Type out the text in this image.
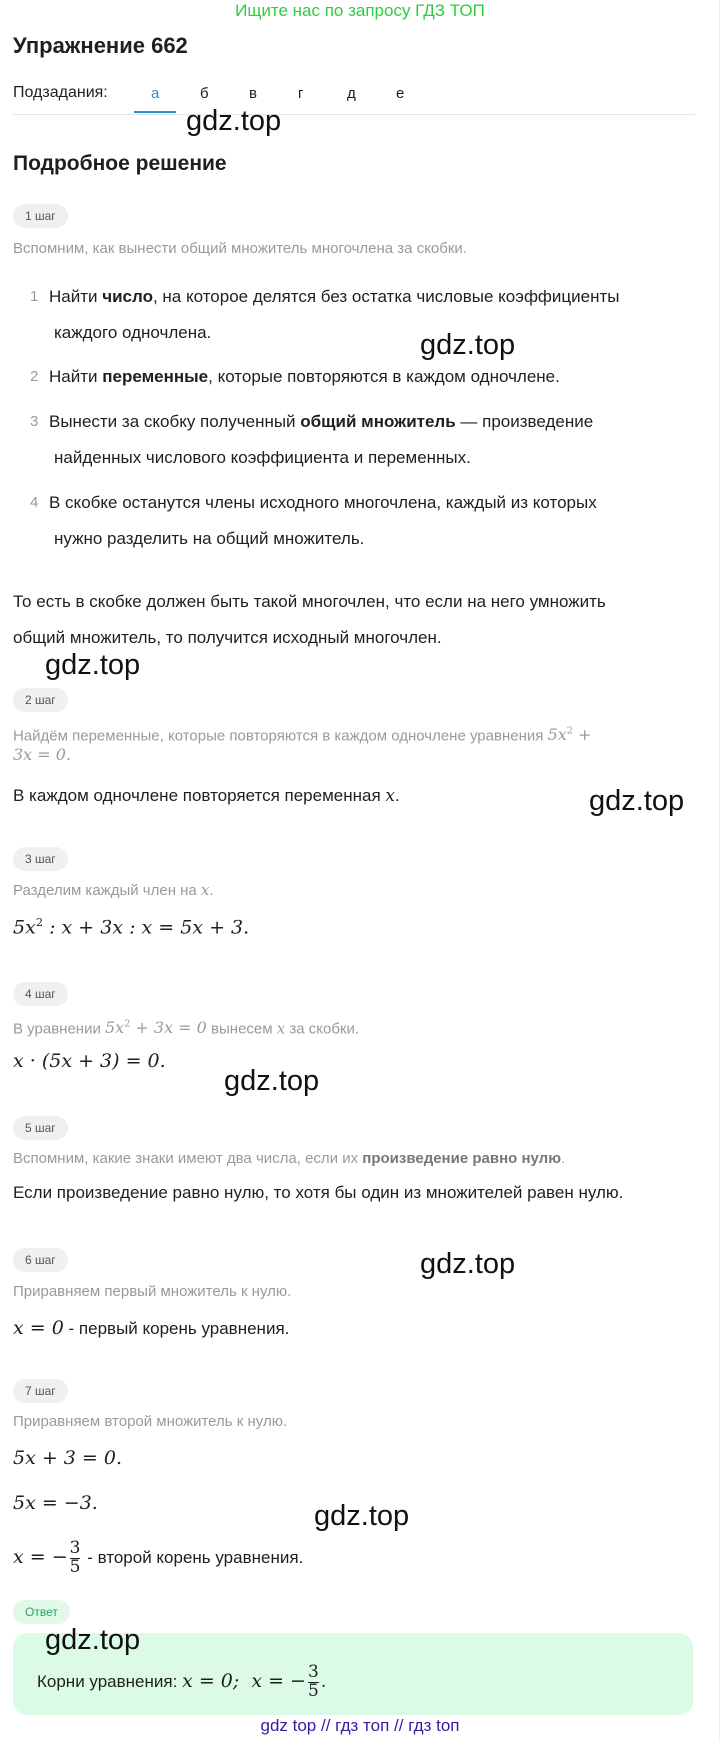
Ищите нас по запросу ГДЗ ТОП
Упражнение 662
Подзадания:	а	б	в	г	д	е
gdz.top
Подробное решение
1 шаг
Вспомним, как вынести общий множитель многочлена за скобки.
1 Найти число, на которое делятся без остатка числовые коэффициенты
каждого одночлена.
2 Найти переменные, которые повторяются в каждом одночлене.
3 Вынести за скобку полученный общий множитель — произведение
найденных числового коэффициента и переменных.
4 В скобке останутся члены исходного многочлена, каждый из которых
нужно разделить на общий множитель.
gdz.top
То есть в скобке должен быть такой многочлен, что если на него умножить
общий множитель, то получится исходный многочлен.
gdz.top
2 шаг
Найдём переменные, которые повторяются в каждом одночлене уравнения $5x^2$ +
3x = 0.
В каждом одночлене повторяется переменная x.	gdz.top
3 шаг
Разделим каждый член на x.
$5x^2$ : x + 3x : x = 5x + 3.
4 шаг
В уравнении $5x^2 + 3x = 0$ вынесем x за скобки.
x · (5x + 3) = 0.
gdz.top
5 шаг
Вспомним, какие знаки имеют два числа, если их произведение равно нулю.
Если произведение равно нулю, то хотя бы один из множителей равен нулю.
6 шаг	gdz.top
Приравняем первый множитель к нулю.
x = 0 - первый корень уравнения.
7 шаг
Приравняем второй множитель к нулю.
5x + 3 = 0.
5x = −3.	gdz.top
x = − $\frac{3}{5}$ - второй корень уравнения.
Ответ
gdz.top
Корни уравнения: x = 0;  x = − $\frac{3}{5}$ .
gdz top // гдз топ // гдз toп
